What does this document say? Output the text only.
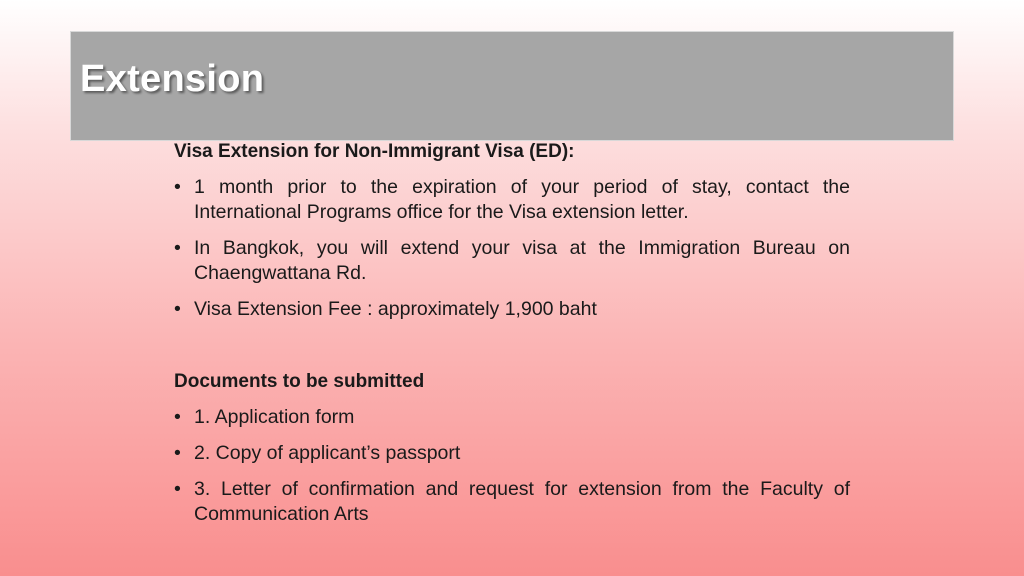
Extension

Visa Extension for Non-Immigrant Visa (ED):

• 1 month prior to the expiration of your period of stay, contact the International Programs office for the Visa extension letter.
• In Bangkok, you will extend your visa at the Immigration Bureau on Chaengwattana Rd.
• Visa Extension Fee : approximately 1,900 baht

Documents to be submitted

• 1. Application form
• 2. Copy of applicant’s passport
• 3. Letter of confirmation and request for extension from the Faculty of Communication Arts
